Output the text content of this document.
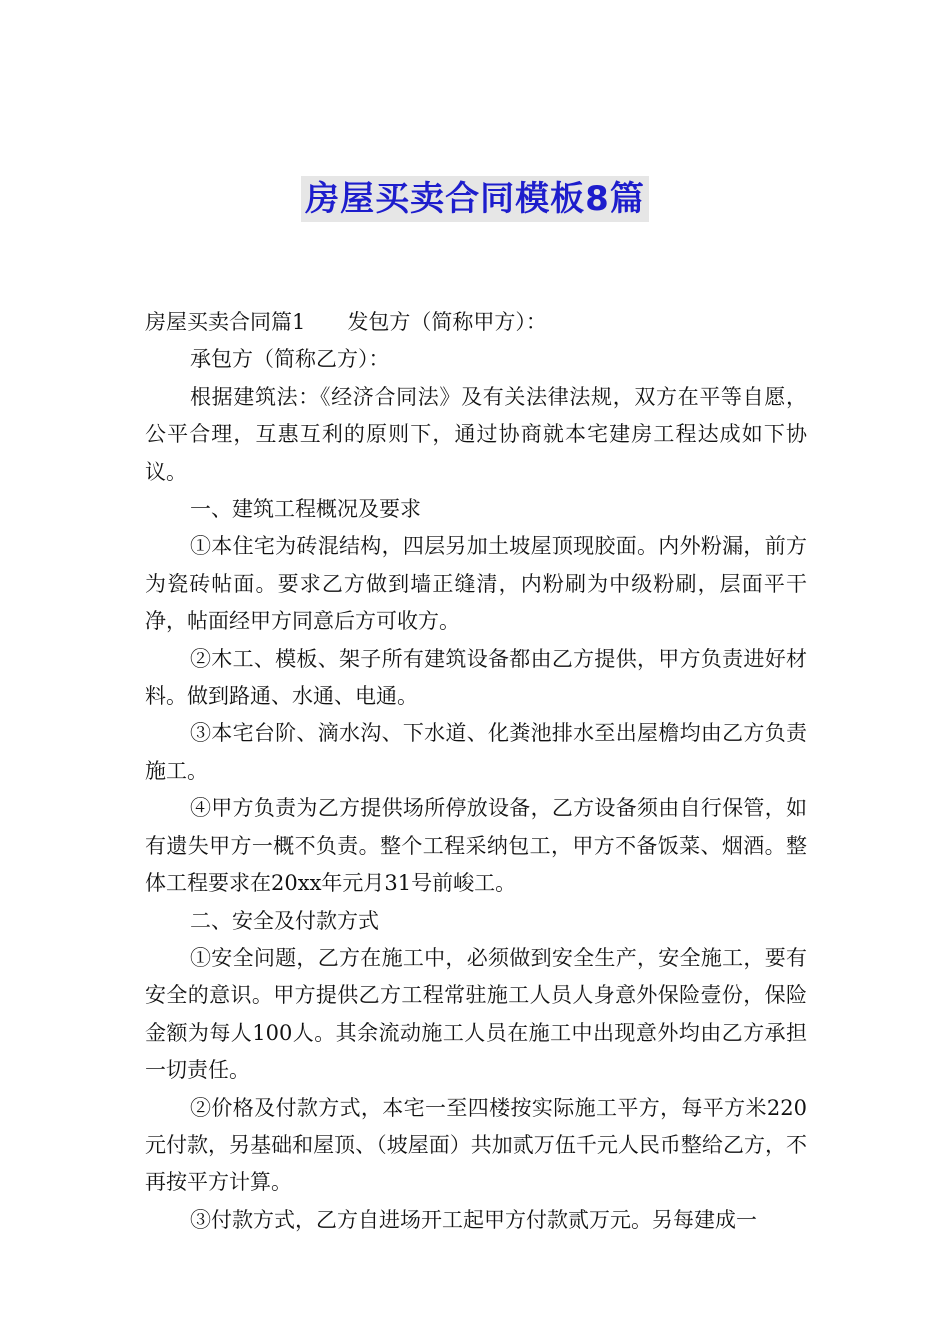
房屋买卖合同模板8篇

房屋买卖合同篇1 发包方（简称甲方）：

承包方（简称乙方）：

根据建筑法：《经济合同法》及有关法律法规，双方在平等自愿，公平合理，互惠互利的原则下，通过协商就本宅建房工程达成如下协议。

一、建筑工程概况及要求

①本住宅为砖混结构，四层另加土坡屋顶现胶面。内外粉漏，前方为瓷砖帖面。要求乙方做到墙正缝清，内粉刷为中级粉刷，层面平干净，帖面经甲方同意后方可收方。

②木工、模板、架子所有建筑设备都由乙方提供，甲方负责进好材料。做到路通、水通、电通。

③本宅台阶、滴水沟、下水道、化粪池排水至出屋檐均由乙方负责施工。

④甲方负责为乙方提供场所停放设备，乙方设备须由自行保管，如有遗失甲方一概不负责。整个工程采纳包工，甲方不备饭菜、烟酒。整体工程要求在20xx年元月31号前峻工。

二、安全及付款方式

①安全问题，乙方在施工中，必须做到安全生产，安全施工，要有安全的意识。甲方提供乙方工程常驻施工人员人身意外保险壹份，保险金额为每人100人。其余流动施工人员在施工中出现意外均由乙方承担一切责任。

②价格及付款方式，本宅一至四楼按实际施工平方，每平方米220元付款，另基础和屋顶、（坡屋面）共加贰万伍千元人民币整给乙方，不再按平方计算。

③付款方式，乙方自进场开工起甲方付款贰万元。另每建成一
